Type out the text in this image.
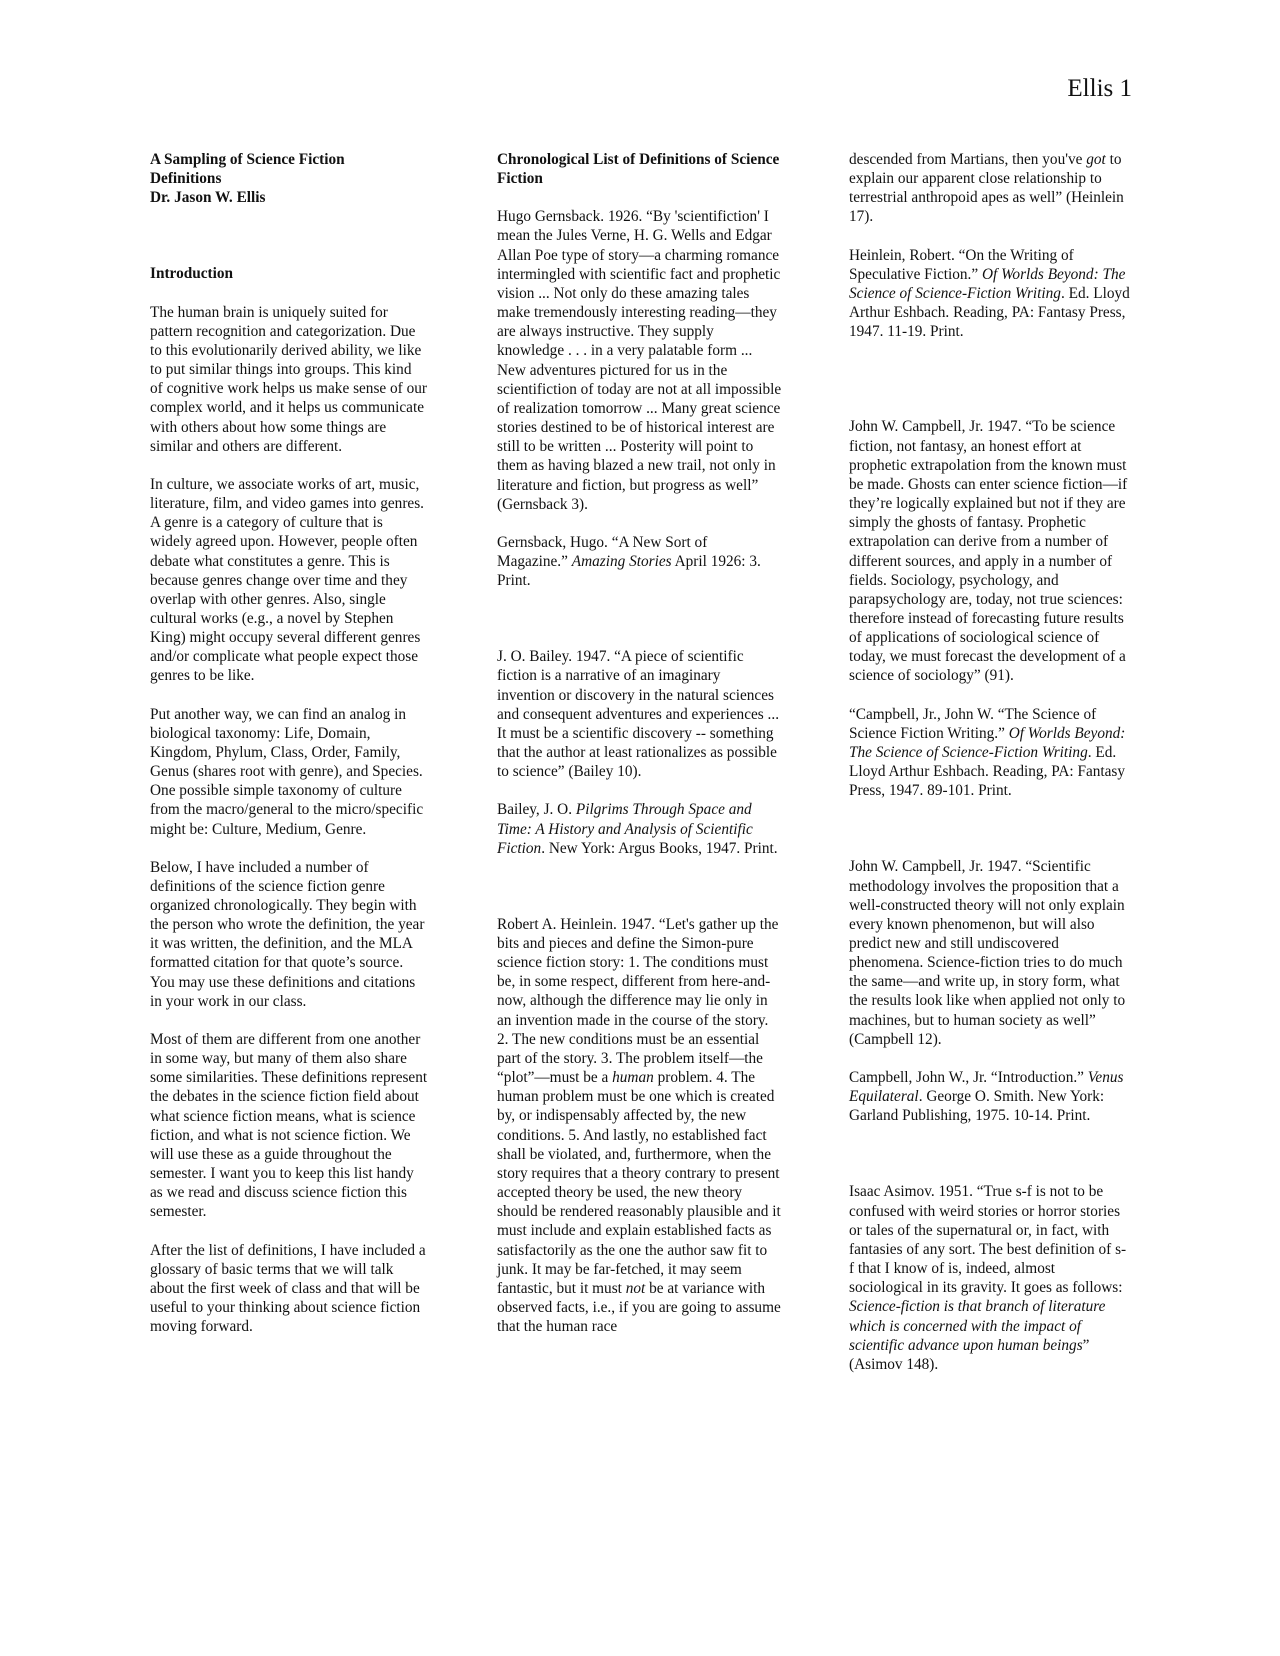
Ellis 1

A Sampling of Science Fiction

Definitions

Dr. Jason W. Ellis

Introduction

The human brain is uniquely suited for pattern recognition and categorization. Due to this evolutionarily derived ability, we like to put similar things into groups. This kind of cognitive work helps us make sense of our complex world, and it helps us communicate with others about how some things are similar and others are different.

In culture, we associate works of art, music, literature, film, and video games into genres. A genre is a category of culture that is widely agreed upon. However, people often debate what constitutes a genre. This is because genres change over time and they overlap with other genres. Also, single cultural works (e.g., a novel by Stephen King) might occupy several different genres and/or complicate what people expect those genres to be like.

Put another way, we can find an analog in biological taxonomy: Life, Domain, Kingdom, Phylum, Class, Order, Family, Genus (shares root with genre), and Species. One possible simple taxonomy of culture from the macro/general to the micro/specific might be: Culture, Medium, Genre.

Below, I have included a number of definitions of the science fiction genre organized chronologically. They begin with the person who wrote the definition, the year it was written, the definition, and the MLA formatted citation for that quote’s source. You may use these definitions and citations in your work in our class.

Most of them are different from one another in some way, but many of them also share some similarities. These definitions represent the debates in the science fiction field about what science fiction means, what is science fiction, and what is not science fiction. We will use these as a guide throughout the semester. I want you to keep this list handy as we read and discuss science fiction this semester.

After the list of definitions, I have included a glossary of basic terms that we will talk about the first week of class and that will be useful to your thinking about science fiction moving forward.

Chronological List of Definitions of Science Fiction

Hugo Gernsback. 1926. “By 'scientifiction' I mean the Jules Verne, H. G. Wells and Edgar Allan Poe type of story—a charming romance intermingled with scientific fact and prophetic vision ... Not only do these amazing tales make tremendously interesting reading—they are always instructive. They supply knowledge . . . in a very palatable form ... New adventures pictured for us in the scientifiction of today are not at all impossible of realization tomorrow ... Many great science stories destined to be of historical interest are still to be written ... Posterity will point to them as having blazed a new trail, not only in literature and fiction, but progress as well” (Gernsback 3).

Gernsback, Hugo. “A New Sort of Magazine.” Amazing Stories April 1926: 3. Print.

J. O. Bailey. 1947. “A piece of scientific fiction is a narrative of an imaginary invention or discovery in the natural sciences and consequent adventures and experiences ... It must be a scientific discovery -- something that the author at least rationalizes as possible to science” (Bailey 10).

Bailey, J. O. Pilgrims Through Space and Time: A History and Analysis of Scientific Fiction. New York: Argus Books, 1947. Print.

Robert A. Heinlein. 1947. “Let's gather up the bits and pieces and define the Simon-pure science fiction story: 1. The conditions must be, in some respect, different from here-and-now, although the difference may lie only in an invention made in the course of the story. 2. The new conditions must be an essential part of the story. 3. The problem itself—the “plot”—must be a human problem. 4. The human problem must be one which is created by, or indispensably affected by, the new conditions. 5. And lastly, no established fact shall be violated, and, furthermore, when the story requires that a theory contrary to present accepted theory be used, the new theory should be rendered reasonably plausible and it must include and explain established facts as satisfactorily as the one the author saw fit to junk. It may be far-fetched, it may seem fantastic, but it must not be at variance with observed facts, i.e., if you are going to assume that the human race

descended from Martians, then you've got to explain our apparent close relationship to terrestrial anthropoid apes as well” (Heinlein 17).

Heinlein, Robert. “On the Writing of Speculative Fiction.” Of Worlds Beyond: The Science of Science-Fiction Writing. Ed. Lloyd Arthur Eshbach. Reading, PA: Fantasy Press, 1947. 11-19. Print.

John W. Campbell, Jr. 1947. “To be science fiction, not fantasy, an honest effort at prophetic extrapolation from the known must be made. Ghosts can enter science fiction—if they’re logically explained but not if they are simply the ghosts of fantasy. Prophetic extrapolation can derive from a number of different sources, and apply in a number of fields. Sociology, psychology, and parapsychology are, today, not true sciences: therefore instead of forecasting future results of applications of sociological science of today, we must forecast the development of a science of sociology” (91).

“Campbell, Jr., John W. “The Science of Science Fiction Writing.” Of Worlds Beyond: The Science of Science-Fiction Writing. Ed. Lloyd Arthur Eshbach. Reading, PA: Fantasy Press, 1947. 89-101. Print.

John W. Campbell, Jr. 1947. “Scientific methodology involves the proposition that a well-constructed theory will not only explain every known phenomenon, but will also predict new and still undiscovered phenomena. Science-fiction tries to do much the same—and write up, in story form, what the results look like when applied not only to machines, but to human society as well” (Campbell 12).

Campbell, John W., Jr. “Introduction.” Venus Equilateral. George O. Smith. New York: Garland Publishing, 1975. 10-14. Print.

Isaac Asimov. 1951. “True s-f is not to be confused with weird stories or horror stories or tales of the supernatural or, in fact, with fantasies of any sort. The best definition of s-f that I know of is, indeed, almost sociological in its gravity. It goes as follows: Science-fiction is that branch of literature which is concerned with the impact of scientific advance upon human beings” (Asimov 148).
